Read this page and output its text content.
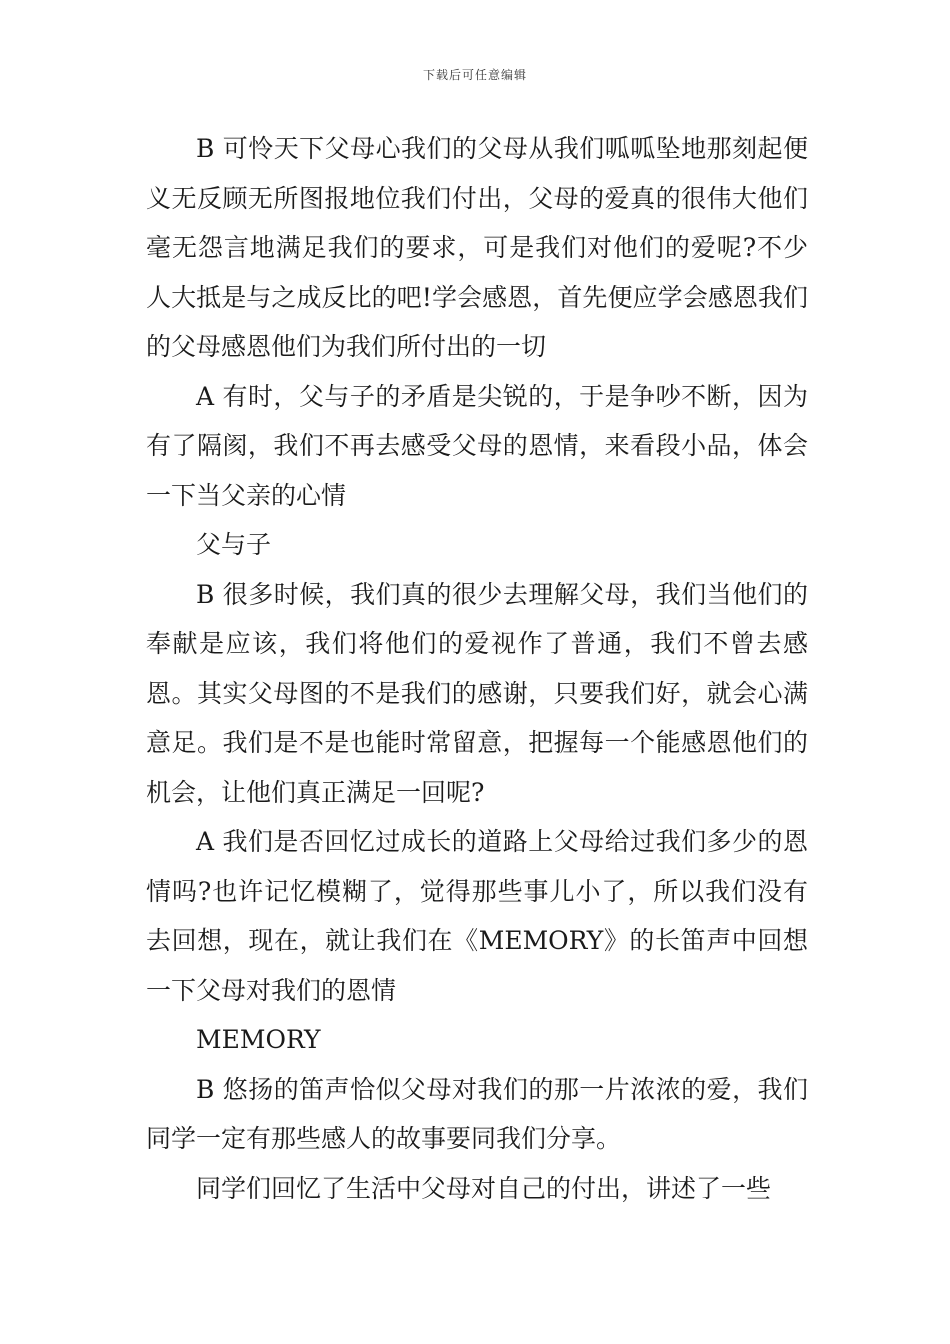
下载后可任意编辑

B 可怜天下父母心我们的父母从我们呱呱坠地那刻起便义无反顾无所图报地位我们付出，父母的爱真的很伟大他们毫无怨言地满足我们的要求，可是我们对他们的爱呢?不少人大抵是与之成反比的吧!学会感恩，首先便应学会感恩我们的父母感恩他们为我们所付出的一切

A 有时，父与子的矛盾是尖锐的，于是争吵不断，因为有了隔阂，我们不再去感受父母的恩情，来看段小品，体会一下当父亲的心情

父与子

B 很多时候，我们真的很少去理解父母，我们当他们的奉献是应该，我们将他们的爱视作了普通，我们不曾去感恩。其实父母图的不是我们的感谢，只要我们好，就会心满意足。我们是不是也能时常留意，把握每一个能感恩他们的机会，让他们真正满足一回呢?

A 我们是否回忆过成长的道路上父母给过我们多少的恩情吗?也许记忆模糊了，觉得那些事儿小了，所以我们没有去回想，现在，就让我们在《MEMORY》的长笛声中回想一下父母对我们的恩情

MEMORY

B 悠扬的笛声恰似父母对我们的那一片浓浓的爱，我们同学一定有那些感人的故事要同我们分享。

同学们回忆了生活中父母对自己的付出，讲述了一些
